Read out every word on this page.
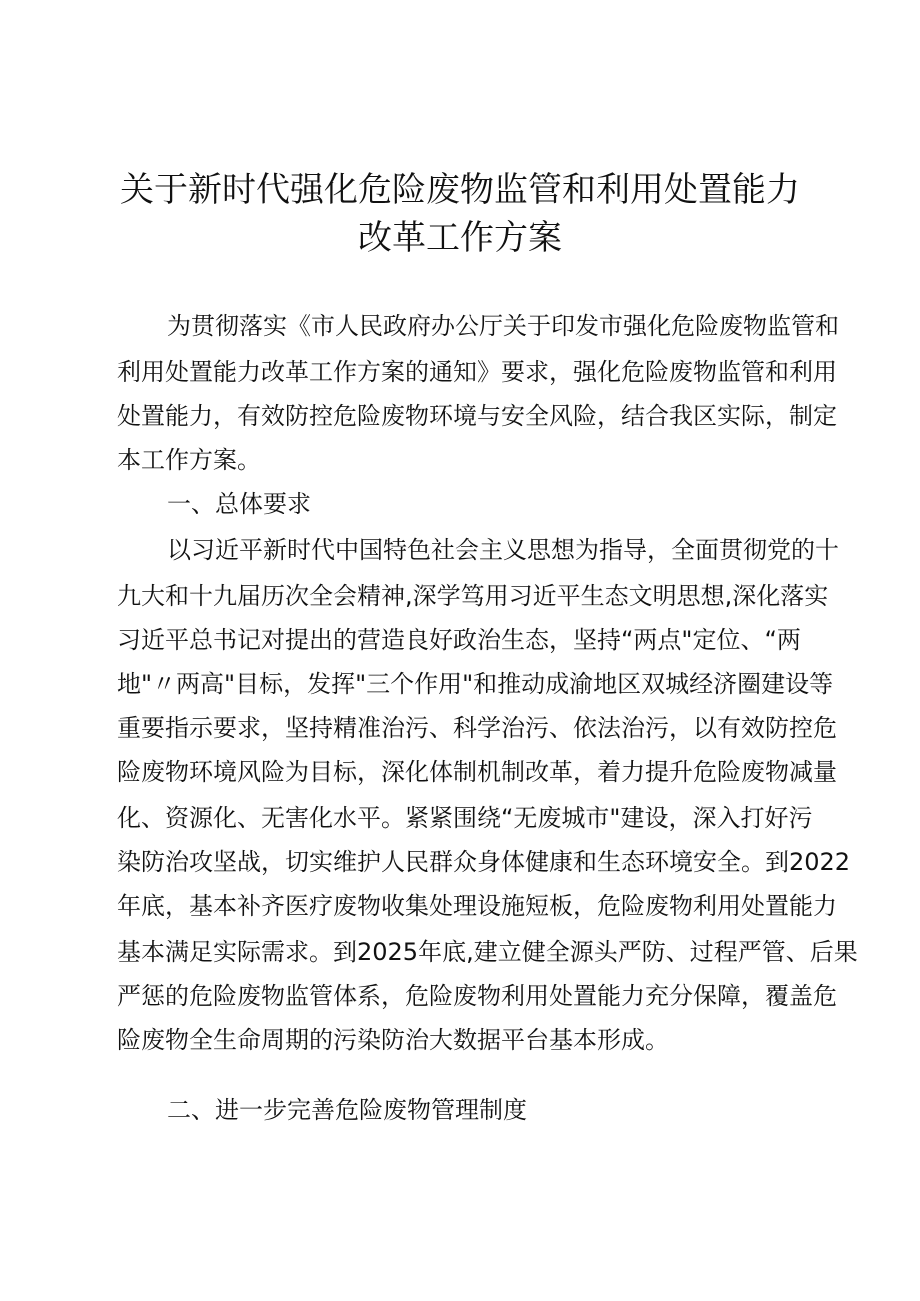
关于新时代强化危险废物监管和利用处置能力
改革工作方案
为贯彻落实《市人民政府办公厅关于印发市强化危险废物监管和
利用处置能力改革工作方案的通知》要求，强化危险废物监管和利用
处置能力，有效防控危险废物环境与安全风险，结合我区实际，制定
本工作方案。
一、总体要求
以习近平新时代中国特色社会主义思想为指导，全面贯彻党的十
九大和十九届历次全会精神,深学笃用习近平生态文明思想,深化落实
习近平总书记对提出的营造良好政治生态，坚持“两点"定位、“两
地"〃两高"目标，发挥"三个作用"和推动成渝地区双城经济圈建设等
重要指示要求，坚持精准治污、科学治污、依法治污，以有效防控危
险废物环境风险为目标，深化体制机制改革，着力提升危险废物减量
化、资源化、无害化水平。紧紧围绕“无废城市"建设，深入打好污
染防治攻坚战，切实维护人民群众身体健康和生态环境安全。到2022
年底，基本补齐医疗废物收集处理设施短板，危险废物利用处置能力
基本满足实际需求。到2025年底,建立健全源头严防、过程严管、后果
严惩的危险废物监管体系，危险废物利用处置能力充分保障，覆盖危
险废物全生命周期的污染防治大数据平台基本形成。
二、进一步完善危险废物管理制度
